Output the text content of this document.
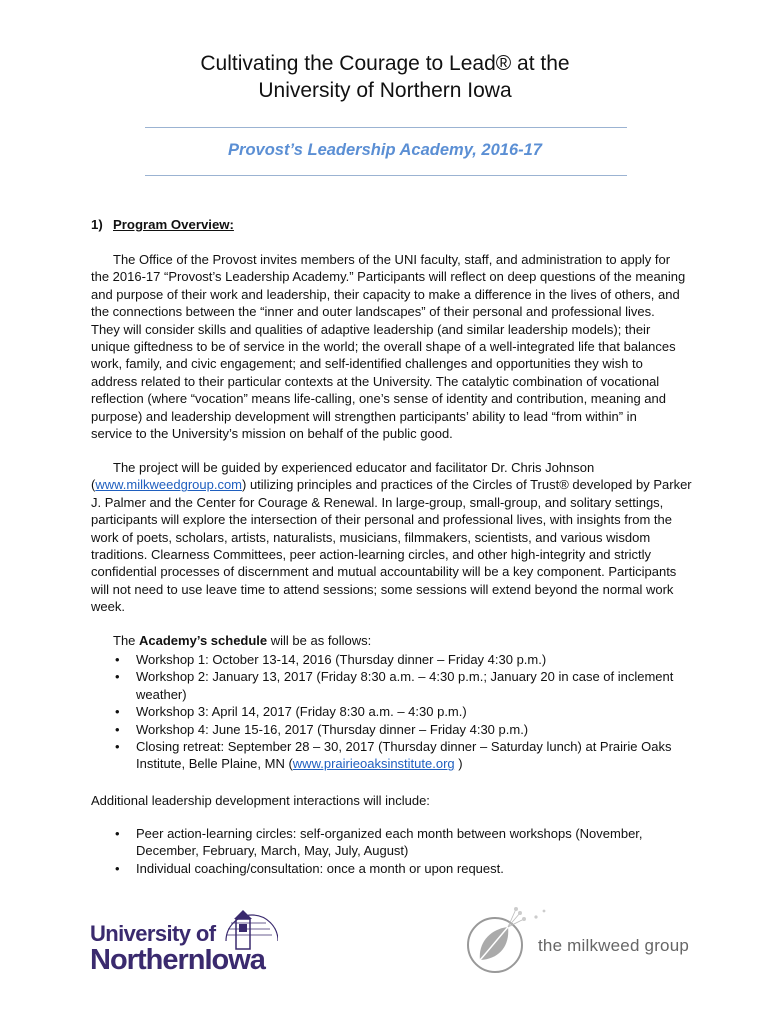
Cultivating the Courage to Lead® at the
University of Northern Iowa
Provost’s Leadership Academy, 2016-17
1) Program Overview:
The Office of the Provost invites members of the UNI faculty, staff, and administration to apply for
the 2016-17 “Provost’s Leadership Academy.” Participants will reflect on deep questions of the meaning
and purpose of their work and leadership, their capacity to make a difference in the lives of others, and
the connections between the “inner and outer landscapes” of their personal and professional lives.
They will consider skills and qualities of adaptive leadership (and similar leadership models); their
unique giftedness to be of service in the world; the overall shape of a well-integrated life that balances
work, family, and civic engagement; and self-identified challenges and opportunities they wish to
address related to their particular contexts at the University. The catalytic combination of vocational
reflection (where “vocation” means life-calling, one’s sense of identity and contribution, meaning and
purpose) and leadership development will strengthen participants’ ability to lead “from within” in
service to the University’s mission on behalf of the public good.
The project will be guided by experienced educator and facilitator Dr. Chris Johnson
(www.milkweedgroup.com) utilizing principles and practices of the Circles of Trust® developed by Parker
J. Palmer and the Center for Courage & Renewal. In large-group, small-group, and solitary settings,
participants will explore the intersection of their personal and professional lives, with insights from the
work of poets, scholars, artists, naturalists, musicians, filmmakers, scientists, and various wisdom
traditions. Clearness Committees, peer action-learning circles, and other high-integrity and strictly
confidential processes of discernment and mutual accountability will be a key component. Participants
will not need to use leave time to attend sessions; some sessions will extend beyond the normal work
week.
The Academy’s schedule will be as follows:
• Workshop 1: October 13-14, 2016 (Thursday dinner – Friday 4:30 p.m.)
• Workshop 2: January 13, 2017 (Friday 8:30 a.m. – 4:30 p.m.; January 20 in case of inclement
weather)
• Workshop 3: April 14, 2017 (Friday 8:30 a.m. – 4:30 p.m.)
• Workshop 4: June 15-16, 2017 (Thursday dinner – Friday 4:30 p.m.)
• Closing retreat: September 28 – 30, 2017 (Thursday dinner – Saturday lunch) at Prairie Oaks
Institute, Belle Plaine, MN (www.prairieoaksinstitute.org )
Additional leadership development interactions will include:
• Peer action-learning circles: self-organized each month between workshops (November,
December, February, March, May, July, August)
• Individual coaching/consultation: once a month or upon request.
University of
NorthernIowa	the milkweed group
